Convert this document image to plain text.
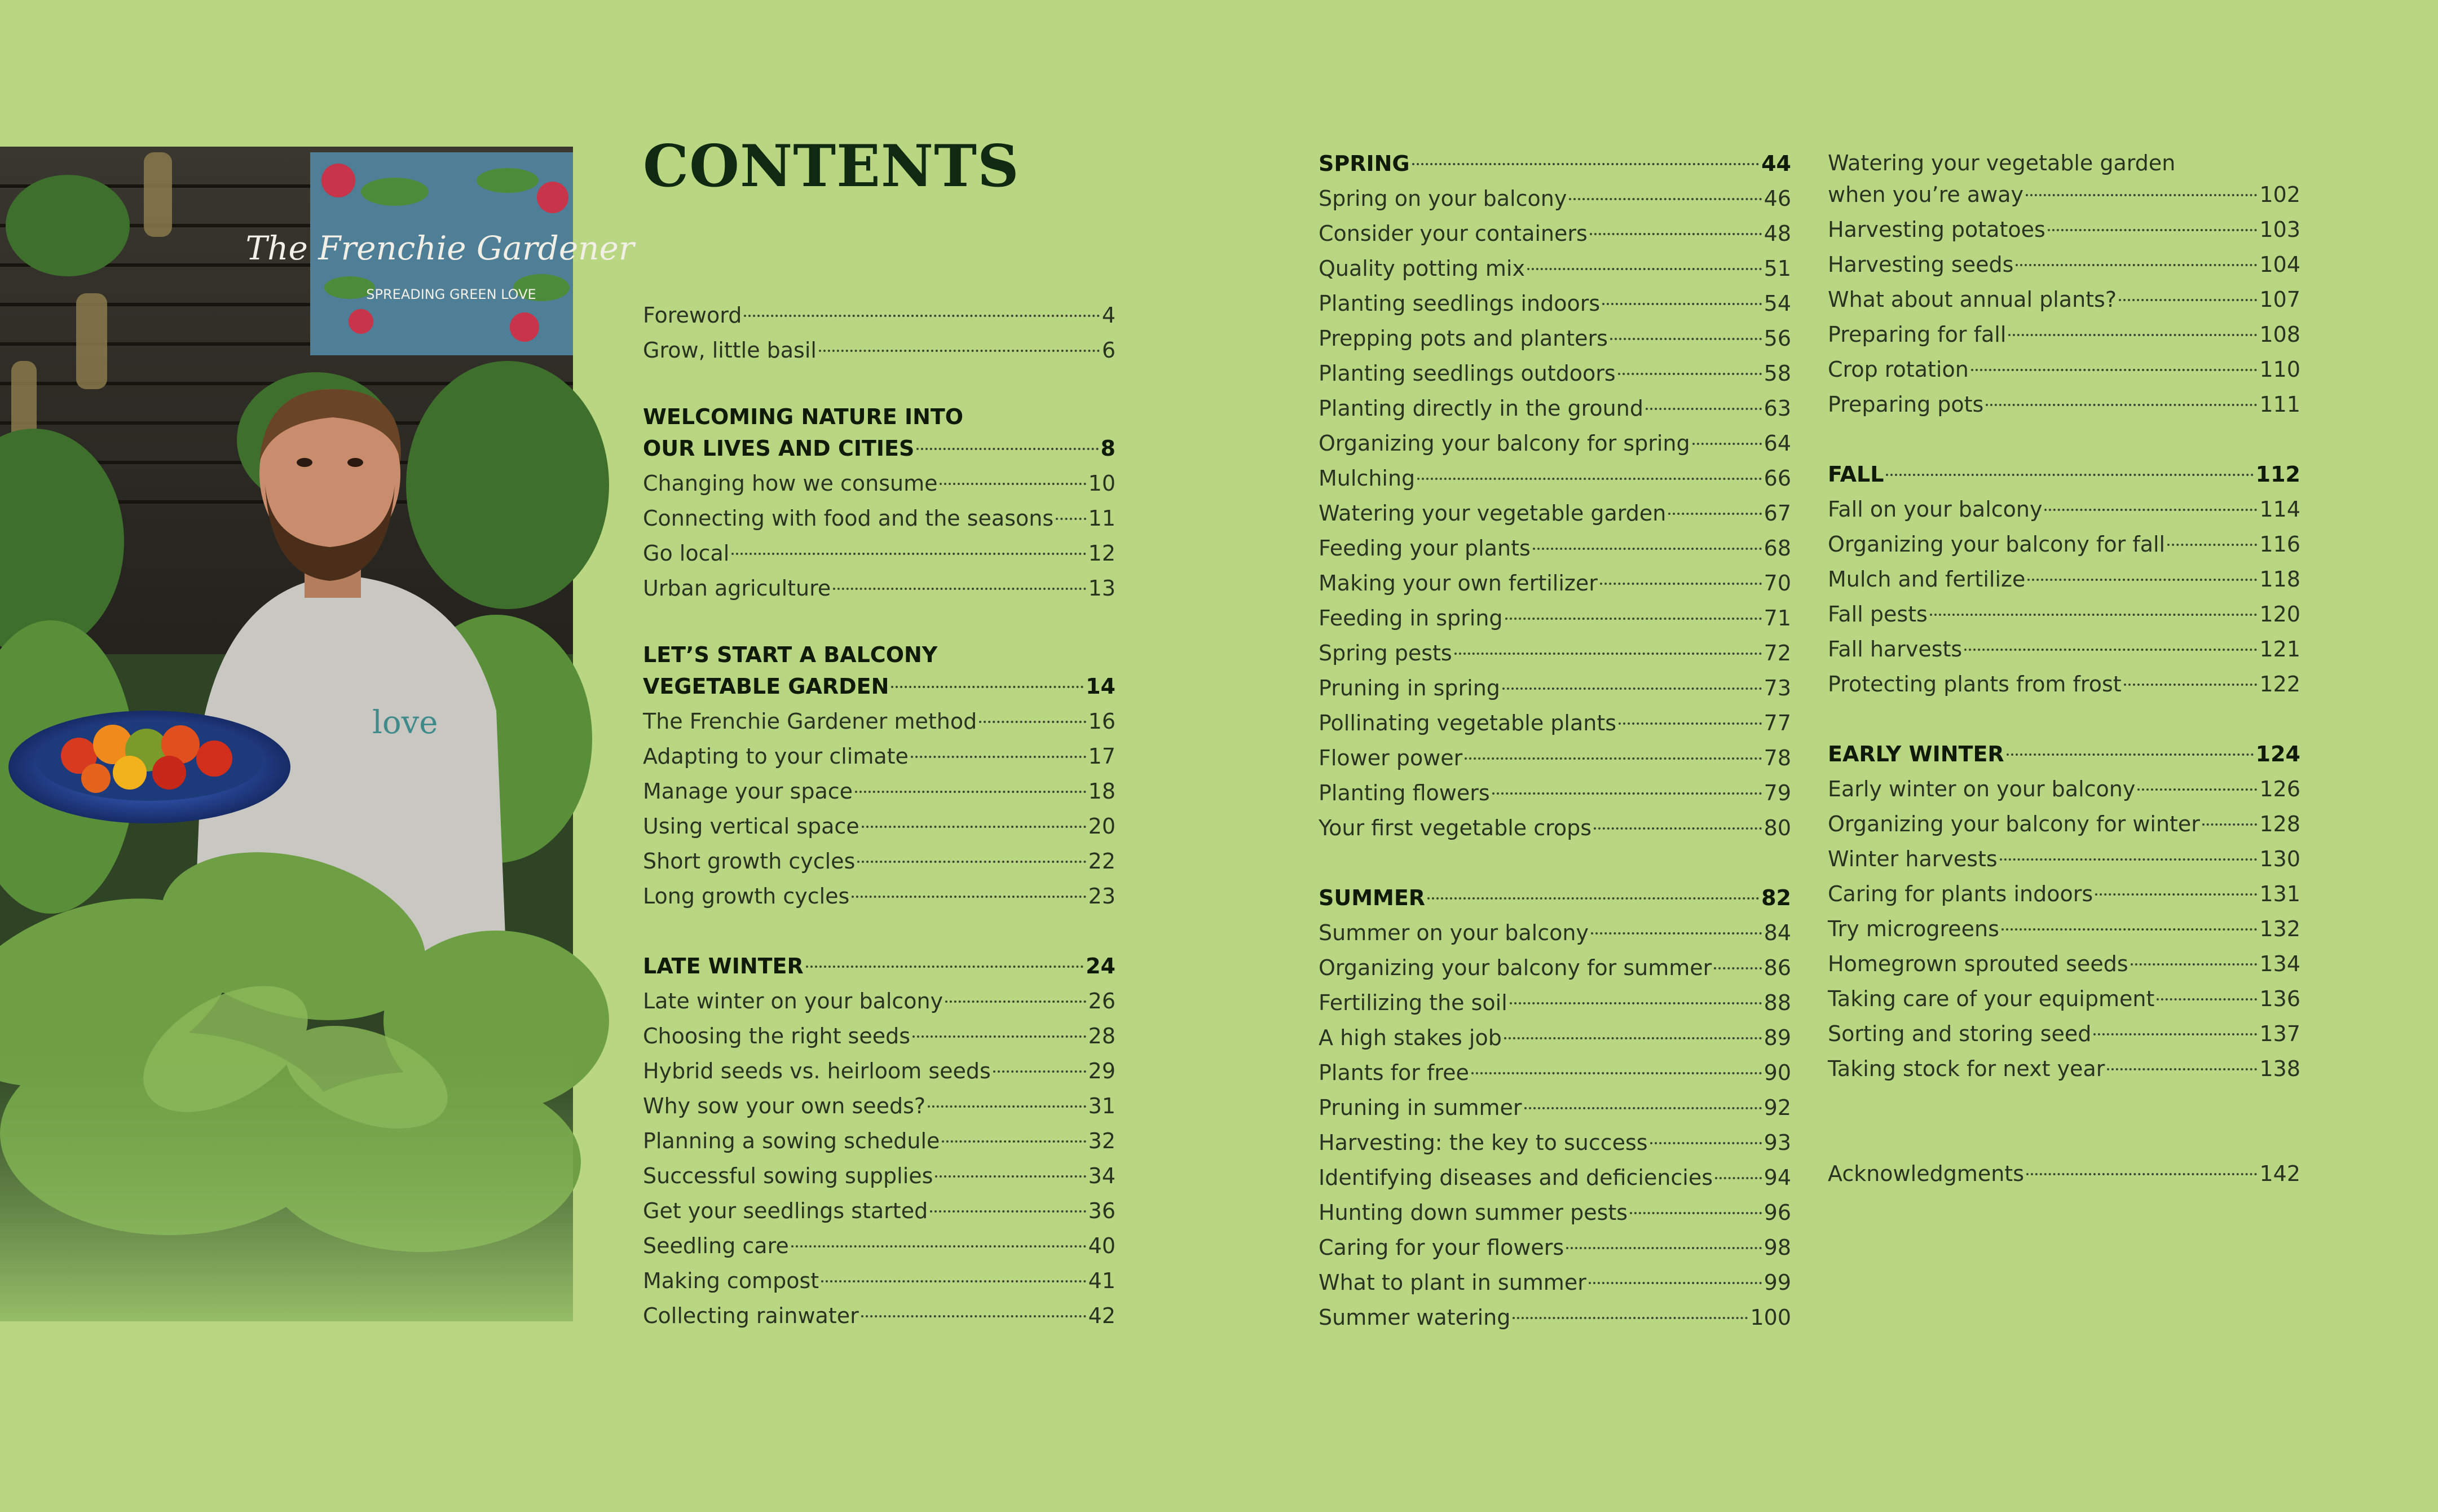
The Frenchie Gardener
SPREADING GREEN LOVE
love
CONTENTS
Foreword	4
Grow, little basil	6
WELCOMING NATURE INTO
OUR LIVES AND CITIES	8
Changing how we consume	10
Connecting with food and the seasons 11
Go local	12
Urban agriculture	13
LET’S START A BALCONY
VEGETABLE GARDEN	14
The Frenchie Gardener method	16
Adapting to your climate	17
Manage your space	18
Using vertical space	20
Short growth cycles	22
Long growth cycles	23
LATE WINTER	24
Late winter on your balcony	26
Choosing the right seeds	28
Hybrid seeds vs. heirloom seeds	29
Why sow your own seeds?	31
Planning a sowing schedule	32
Successful sowing supplies	34
Get your seedlings started	36
Seedling care	40
Making compost	41
Collecting rainwater	42
SPRING	44
Spring on your balcony	46
Consider your containers	48
Quality potting mix	51
Planting seedlings indoors	54
Prepping pots and planters	56
Planting seedlings outdoors	58
Planting directly in the ground	63
Organizing your balcony for spring	64
Mulching	66
Watering your vegetable garden	67
Feeding your plants	68
Making your own fertilizer	70
Feeding in spring	71
Spring pests	72
Pruning in spring	73
Pollinating vegetable plants	77
Flower power	78
Planting flowers	79
Your first vegetable crops	80
SUMMER	82
Summer on your balcony	84
Organizing your balcony for summer 86
Fertilizing the soil	88
A high stakes job	89
Plants for free	90
Pruning in summer	92
Harvesting: the key to success	93
Identifying diseases and deficiencies 94
Hunting down summer pests	96
Caring for your flowers	98
What to plant in summer	99
Summer watering	100
Watering your vegetable garden
when you’re away	102
Harvesting potatoes	103
Harvesting seeds	104
What about annual plants?	107
Preparing for fall	108
Crop rotation	110
Preparing pots	111
FALL	112
Fall on your balcony	114
Organizing your balcony for fall	116
Mulch and fertilize	118
Fall pests	120
Fall harvests	121
Protecting plants from frost	122
EARLY WINTER	124
Early winter on your balcony	126
Organizing your balcony for winter	128
Winter harvests	130
Caring for plants indoors	131
Try microgreens	132
Homegrown sprouted seeds	134
Taking care of your equipment	136
Sorting and storing seed	137
Taking stock for next year	138
Acknowledgments	142
